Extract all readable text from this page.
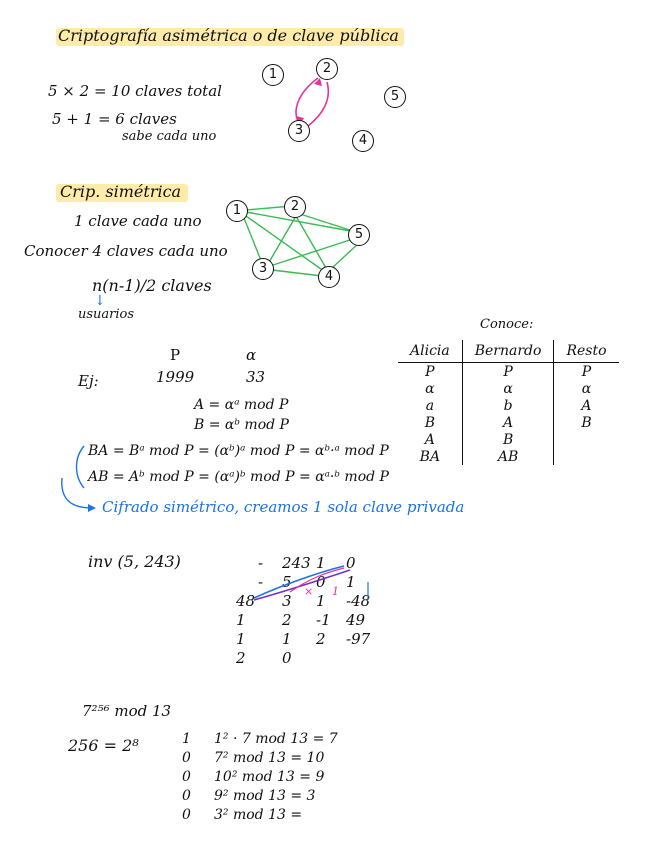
Criptografía asimétrica o de clave pública
5 × 2 = 10 claves total
5 + 1 = 6 claves
sabe cada uno
1	2
3
4
5
Crip. simétrica
1 clave cada uno
Conocer 4 claves cada uno
n(n-1)/2 claves
↓
usuarios
1	2
3
4
5
Ej:
P	α
1999	33
A = αᵃ mod P
B = αᵇ mod P
BA = Bᵃ mod P = (αᵇ)ᵃ mod P = αᵇ·ᵃ mod P
AB = Aᵇ mod P = (αᵃ)ᵇ mod P = αᵃ·ᵇ mod P
Cifrado simétrico, creamos 1 sola clave privada
Conoce:
Alicia	Bernardo	Resto
P	P	P
α	α	α
a	b	A
B	A	B
A	B	
BA	AB	
inv (5, 243)	- 243 1 0
- 5 0 1
48 3 1 -48
1 2 -1 49
1 1 2 -97
2 0
× 1
7²⁵⁶ mod 13
256 = 2⁸	1 1² · 7 mod 13 = 7
0 7² mod 13 = 10
0 10² mod 13 = 9
0 9² mod 13 = 3
0 3² mod 13 =
